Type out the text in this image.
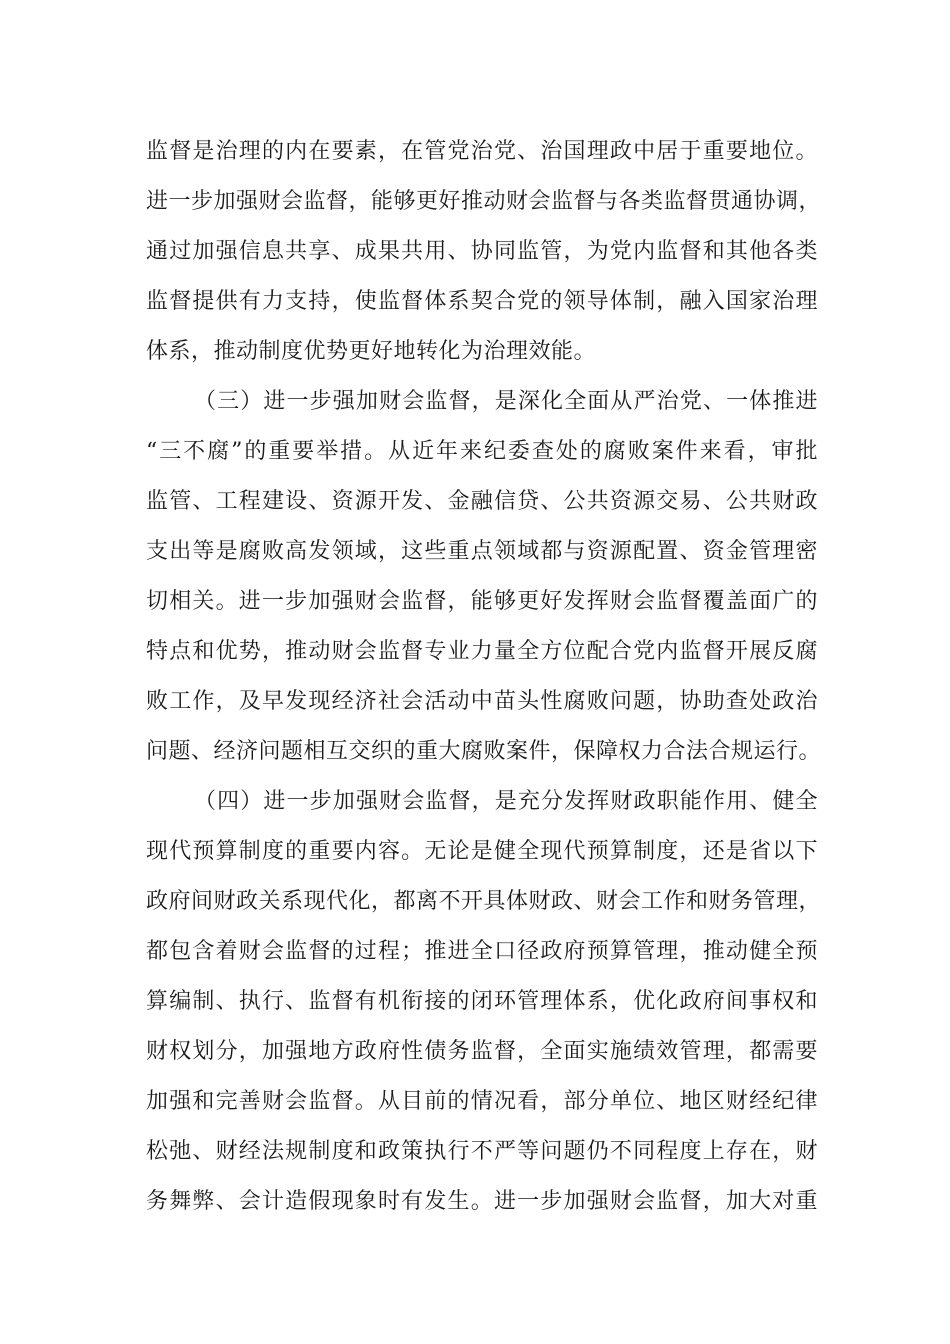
监督是治理的内在要素，在管党治党、治国理政中居于重要地位。
进一步加强财会监督，能够更好推动财会监督与各类监督贯通协调，
通过加强信息共享、成果共用、协同监管，为党内监督和其他各类
监督提供有力支持，使监督体系契合党的领导体制，融入国家治理
体系，推动制度优势更好地转化为治理效能。
（三）进一步强加财会监督，是深化全面从严治党、一体推进
“三不腐”的重要举措。从近年来纪委查处的腐败案件来看，审批
监管、工程建设、资源开发、金融信贷、公共资源交易、公共财政
支出等是腐败高发领域，这些重点领域都与资源配置、资金管理密
切相关。进一步加强财会监督，能够更好发挥财会监督覆盖面广的
特点和优势，推动财会监督专业力量全方位配合党内监督开展反腐
败工作，及早发现经济社会活动中苗头性腐败问题，协助查处政治
问题、经济问题相互交织的重大腐败案件，保障权力合法合规运行。
（四）进一步加强财会监督，是充分发挥财政职能作用、健全
现代预算制度的重要内容。无论是健全现代预算制度，还是省以下
政府间财政关系现代化，都离不开具体财政、财会工作和财务管理，
都包含着财会监督的过程；推进全口径政府预算管理，推动健全预
算编制、执行、监督有机衔接的闭环管理体系，优化政府间事权和
财权划分，加强地方政府性债务监督，全面实施绩效管理，都需要
加强和完善财会监督。从目前的情况看，部分单位、地区财经纪律
松弛、财经法规制度和政策执行不严等问题仍不同程度上存在，财
务舞弊、会计造假现象时有发生。进一步加强财会监督，加大对重
